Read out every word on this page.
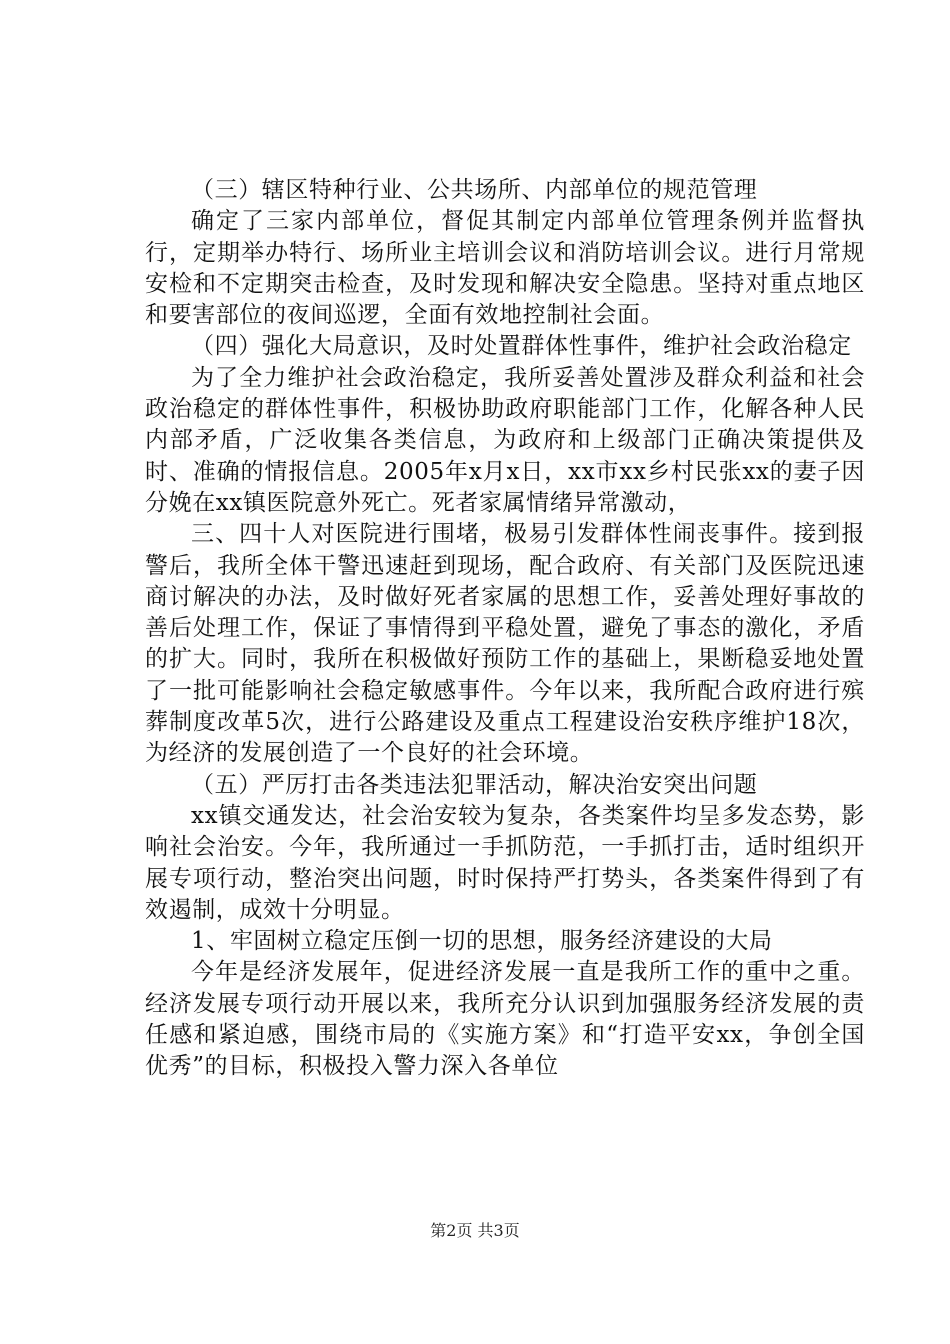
（三）辖区特种行业、公共场所、内部单位的规范管理

确定了三家内部单位，督促其制定内部单位管理条例并监督执行，定期举办特行、场所业主培训会议和消防培训会议。进行月常规安检和不定期突击检查，及时发现和解决安全隐患。坚持对重点地区和要害部位的夜间巡逻，全面有效地控制社会面。

（四）强化大局意识，及时处置群体性事件，维护社会政治稳定

为了全力维护社会政治稳定，我所妥善处置涉及群众利益和社会政治稳定的群体性事件，积极协助政府职能部门工作，化解各种人民内部矛盾，广泛收集各类信息，为政府和上级部门正确决策提供及时、准确的情报信息。2005年x月x日，xx市xx乡村民张xx的妻子因分娩在xx镇医院意外死亡。死者家属情绪异常激动，

三、四十人对医院进行围堵，极易引发群体性闹丧事件。接到报警后，我所全体干警迅速赶到现场，配合政府、有关部门及医院迅速商讨解决的办法，及时做好死者家属的思想工作，妥善处理好事故的善后处理工作，保证了事情得到平稳处置，避免了事态的激化，矛盾的扩大。同时，我所在积极做好预防工作的基础上，果断稳妥地处置了一批可能影响社会稳定敏感事件。今年以来，我所配合政府进行殡葬制度改革5次，进行公路建设及重点工程建设治安秩序维护18次，为经济的发展创造了一个良好的社会环境。

（五）严厉打击各类违法犯罪活动，解决治安突出问题

xx镇交通发达，社会治安较为复杂，各类案件均呈多发态势，影响社会治安。今年，我所通过一手抓防范，一手抓打击，适时组织开展专项行动，整治突出问题，时时保持严打势头，各类案件得到了有效遏制，成效十分明显。

1、牢固树立稳定压倒一切的思想，服务经济建设的大局

今年是经济发展年，促进经济发展一直是我所工作的重中之重。经济发展专项行动开展以来，我所充分认识到加强服务经济发展的责任感和紧迫感，围绕市局的《实施方案》和“打造平安xx，争创全国优秀”的目标，积极投入警力深入各单位

第2页 共3页
